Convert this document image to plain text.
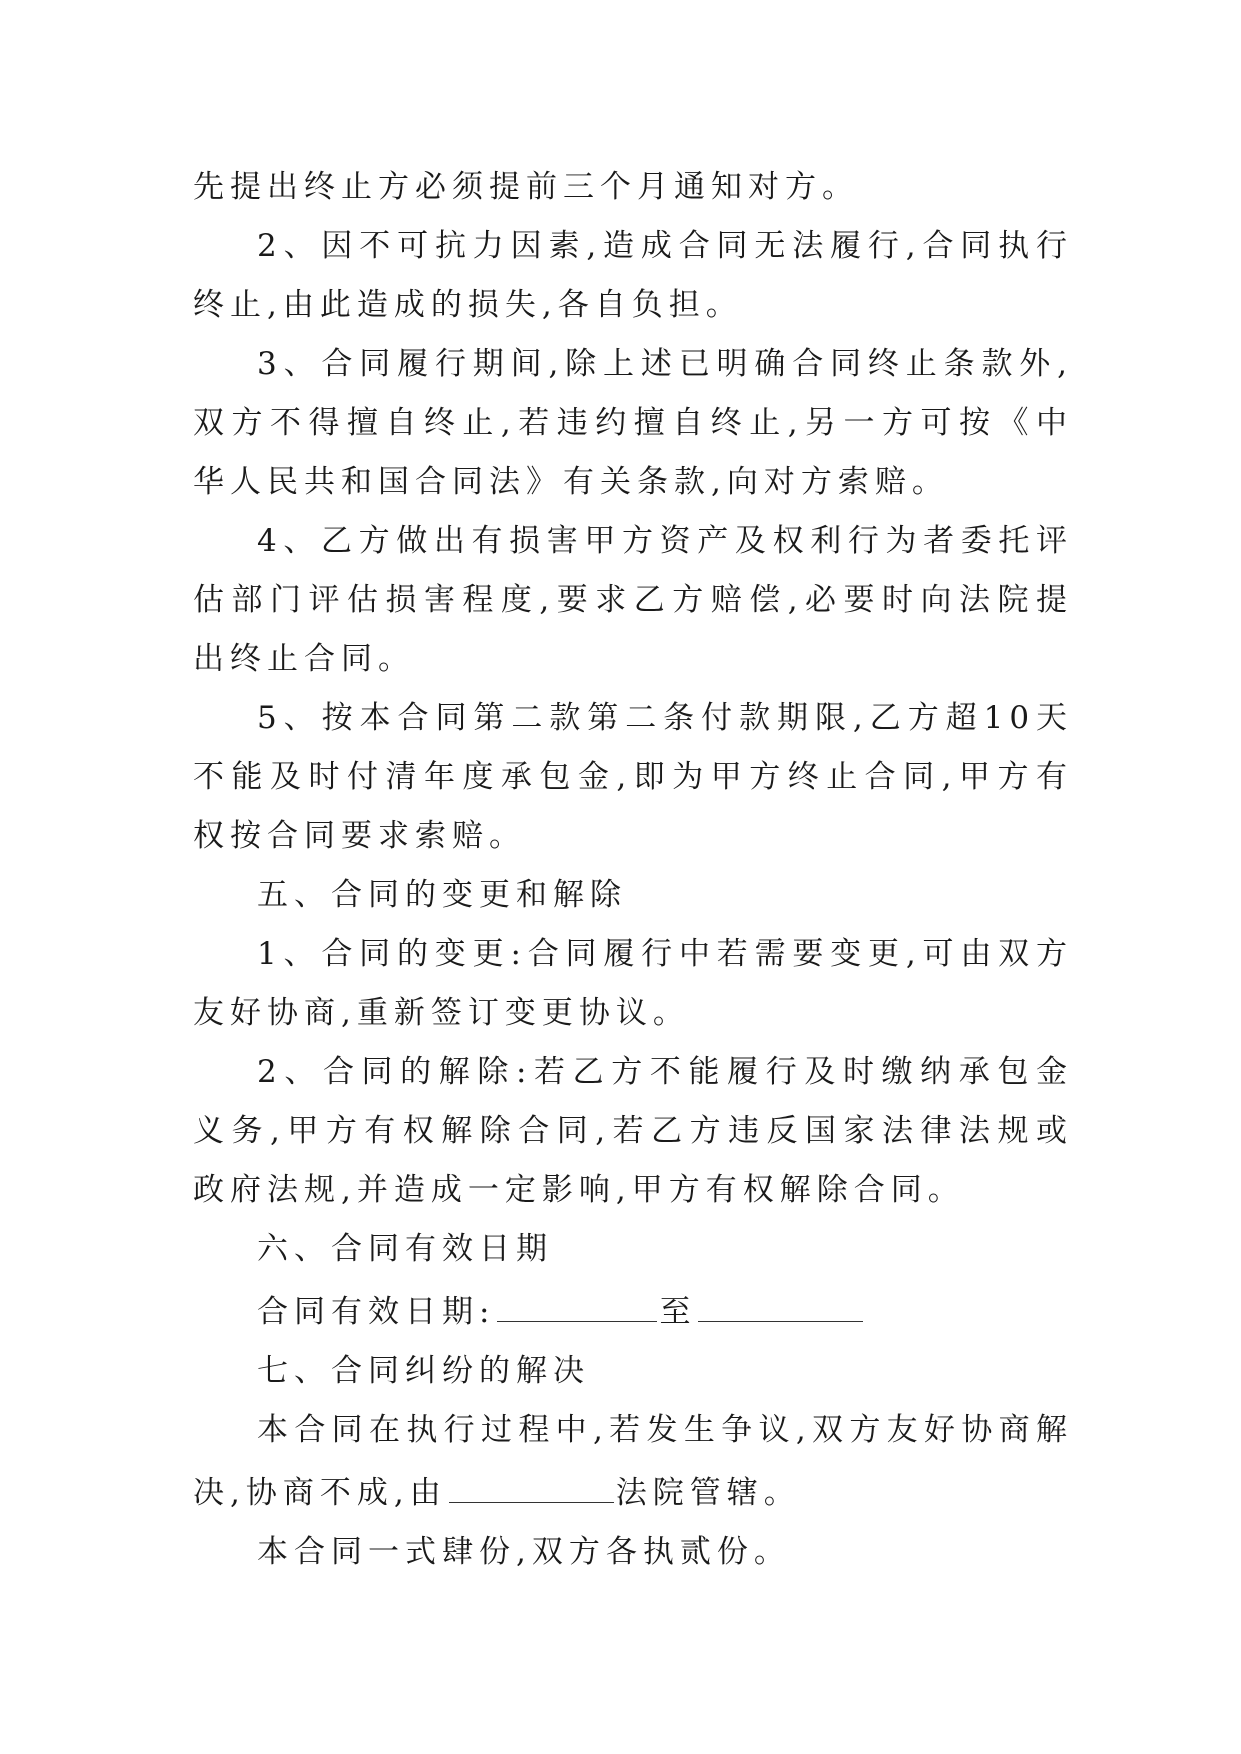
先提出终止方必须提前三个月通知对方。

2、因不可抗力因素,造成合同无法履行,合同执行终止,由此造成的损失,各自负担。

3、合同履行期间,除上述已明确合同终止条款外,双方不得擅自终止,若违约擅自终止,另一方可按《中华人民共和国合同法》有关条款,向对方索赔。

4、乙方做出有损害甲方资产及权利行为者委托评估部门评估损害程度,要求乙方赔偿,必要时向法院提出终止合同。

5、按本合同第二款第二条付款期限,乙方超10天不能及时付清年度承包金,即为甲方终止合同,甲方有权按合同要求索赔。

五、合同的变更和解除

1、合同的变更:合同履行中若需要变更,可由双方友好协商,重新签订变更协议。

2、合同的解除:若乙方不能履行及时缴纳承包金义务,甲方有权解除合同,若乙方违反国家法律法规或政府法规,并造成一定影响,甲方有权解除合同。

六、合同有效日期

合同有效日期:	至

七、合同纠纷的解决

本合同在执行过程中,若发生争议,双方友好协商解决,协商不成,由	法院管辖。

本合同一式肆份,双方各执贰份。
